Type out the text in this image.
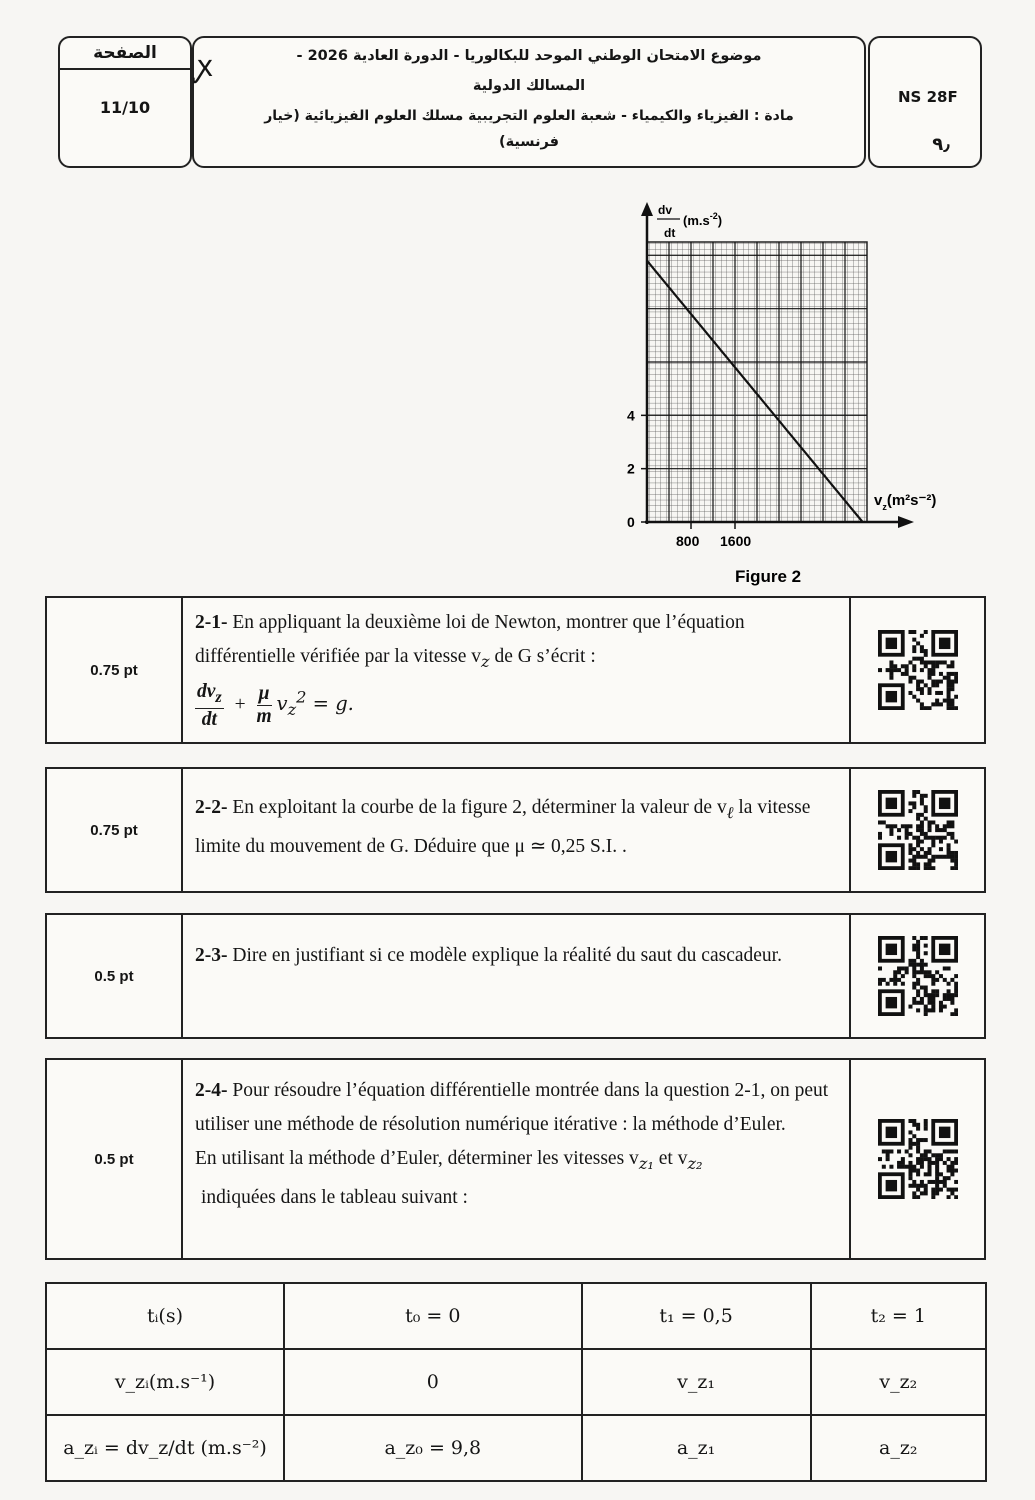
الصفحة
11/10

موضوع الامتحان الوطني الموحد للبكالوريا - الدورة العادية 2026 -

المسالك الدولية

مادة : الفيزياء والكيمياء - شعبة العلوم التجريبية مسلك العلوم الفيزيائية (خيار

فرنسية)

ꭙ
NS 28F
٩٫
0
2
4
800 1600
dv
dt
$(m.s^{-2})$
$v_z(m^2s^{-2})$
Figure 2
0.75 pt
2-1- En appliquant la deuxième loi de Newton, montrer que l’équation différentielle vérifiée par la vitesse $v_z$ de G s’écrit :
$\frac{dv_z}{dt} + \frac{\mu}{m} v_z^2 = g$.
0.75 pt
2-2- En exploitant la courbe de la figure 2, déterminer la valeur de $v_\ell$ la vitesse limite du mouvement de G. Déduire que μ ≃ 0,25 S.I. .
0.5 pt
2-3- Dire en justifiant si ce modèle explique la réalité du saut du cascadeur.
0.5 pt
2-4- Pour résoudre l’équation différentielle montrée dans la question 2-1, on peut utiliser une méthode de résolution numérique itérative : la méthode d’Euler.
En utilisant la méthode d’Euler, déterminer les vitesses $v_{z_1}$ et $v_{z_2}$
indiquées dans le tableau suivant :
tᵢ(s)	t₀ = 0	t₁ = 0,5	t₂ = 1
v_zᵢ(m.s⁻¹)	0	v_z₁	v_z₂
a_zᵢ = dv_z/dt (m.s⁻²)	a_z₀ = 9,8	a_z₁	a_z₂
